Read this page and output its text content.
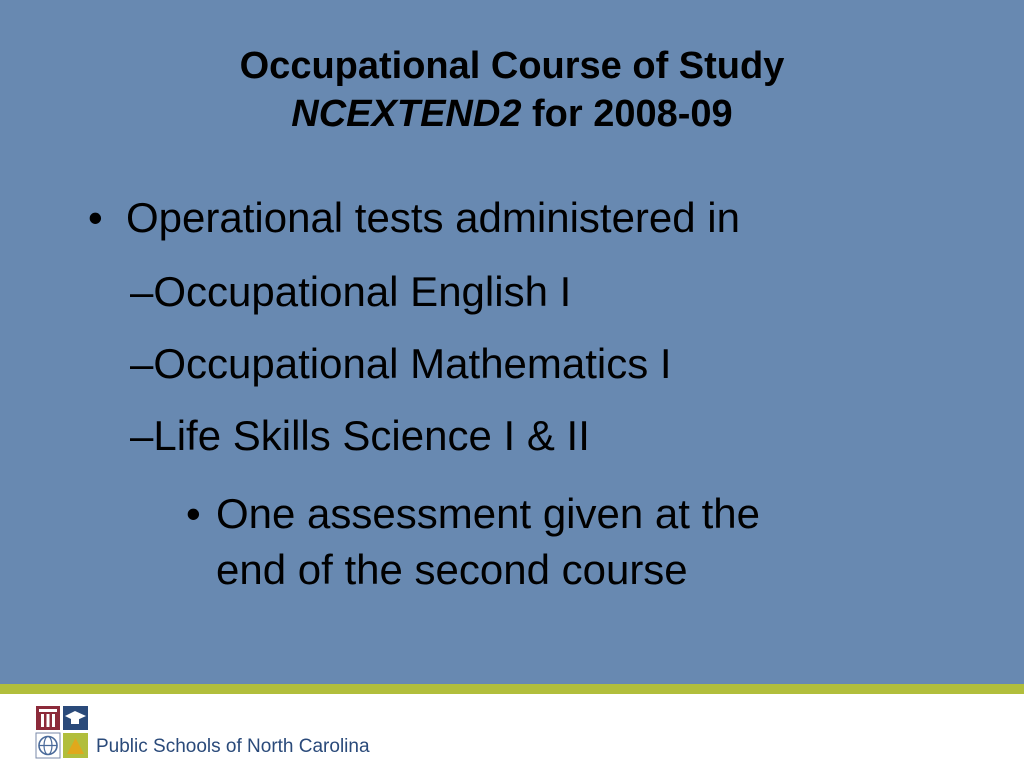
Occupational Course of Study
NCEXTEND2 for 2008-09
• Operational tests administered in
–Occupational English I
–Occupational Mathematics I
–Life Skills Science I & II
• One assessment given at the
end of the second course
Public Schools of North Carolina
